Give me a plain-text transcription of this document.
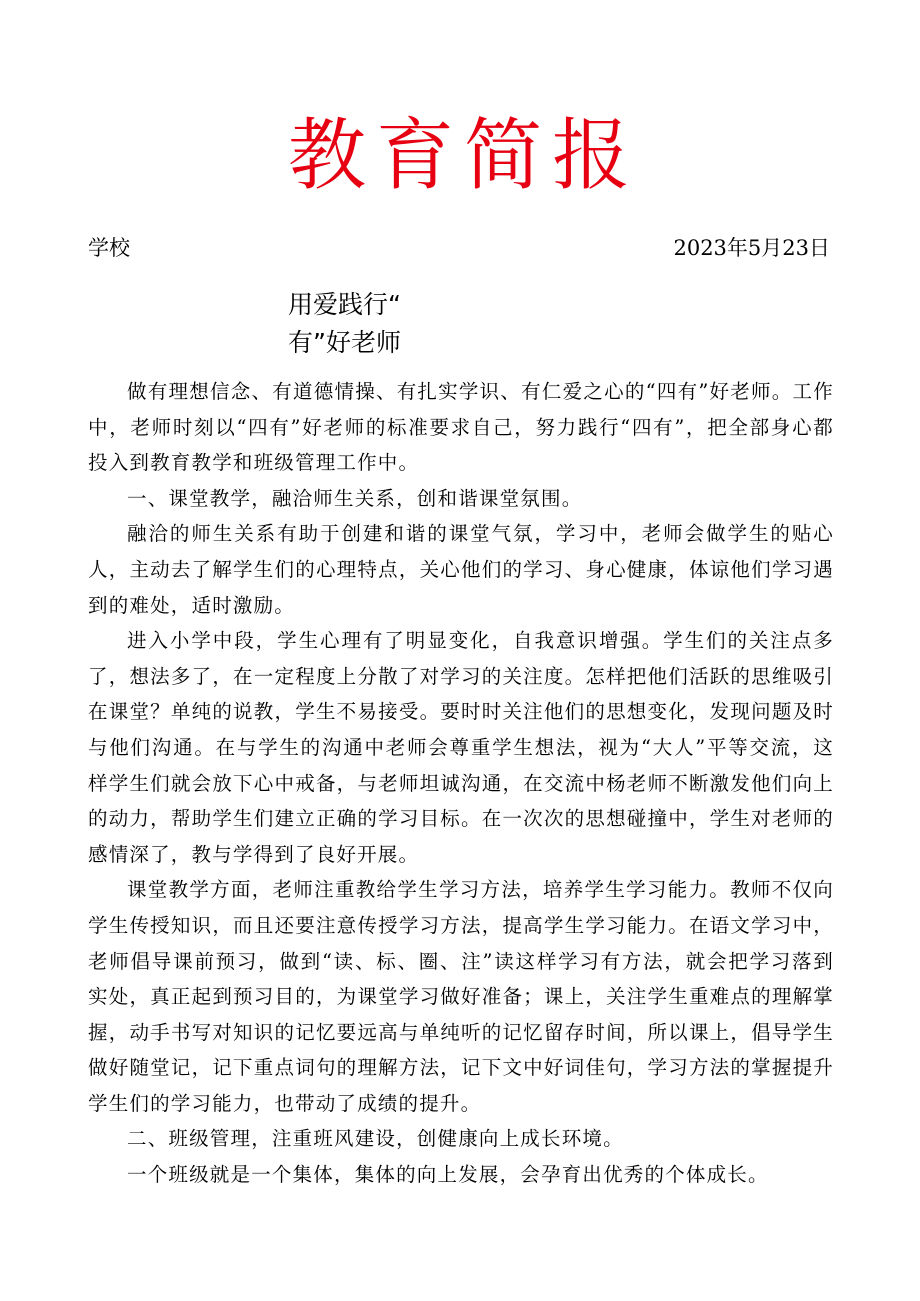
教育简报
学校	2023年5月23日
用爱践行“
有”好老师

做有理想信念、有道德情操、有扎实学识、有仁爱之心的“四有”好老师。工作中，老师时刻以“四有”好老师的标准要求自己，努力践行“四有”，把全部身心都投入到教育教学和班级管理工作中。

一、课堂教学，融洽师生关系，创和谐课堂氛围。

融洽的师生关系有助于创建和谐的课堂气氛，学习中，老师会做学生的贴心人，主动去了解学生们的心理特点，关心他们的学习、身心健康，体谅他们学习遇到的难处，适时激励。

进入小学中段，学生心理有了明显变化，自我意识增强。学生们的关注点多了，想法多了，在一定程度上分散了对学习的关注度。怎样把他们活跃的思维吸引在课堂？单纯的说教，学生不易接受。要时时关注他们的思想变化，发现问题及时与他们沟通。在与学生的沟通中老师会尊重学生想法，视为“大人”平等交流，这样学生们就会放下心中戒备，与老师坦诚沟通，在交流中杨老师不断激发他们向上的动力，帮助学生们建立正确的学习目标。在一次次的思想碰撞中，学生对老师的感情深了，教与学得到了良好开展。

课堂教学方面，老师注重教给学生学习方法，培养学生学习能力。教师不仅向学生传授知识，而且还要注意传授学习方法，提高学生学习能力。在语文学习中，老师倡导课前预习，做到“读、标、圈、注”读这样学习有方法，就会把学习落到实处，真正起到预习目的，为课堂学习做好准备；课上，关注学生重难点的理解掌握，动手书写对知识的记忆要远高与单纯听的记忆留存时间，所以课上，倡导学生做好随堂记，记下重点词句的理解方法，记下文中好词佳句，学习方法的掌握提升学生们的学习能力，也带动了成绩的提升。

二、班级管理，注重班风建设，创健康向上成长环境。

一个班级就是一个集体，集体的向上发展，会孕育出优秀的个体成长。
